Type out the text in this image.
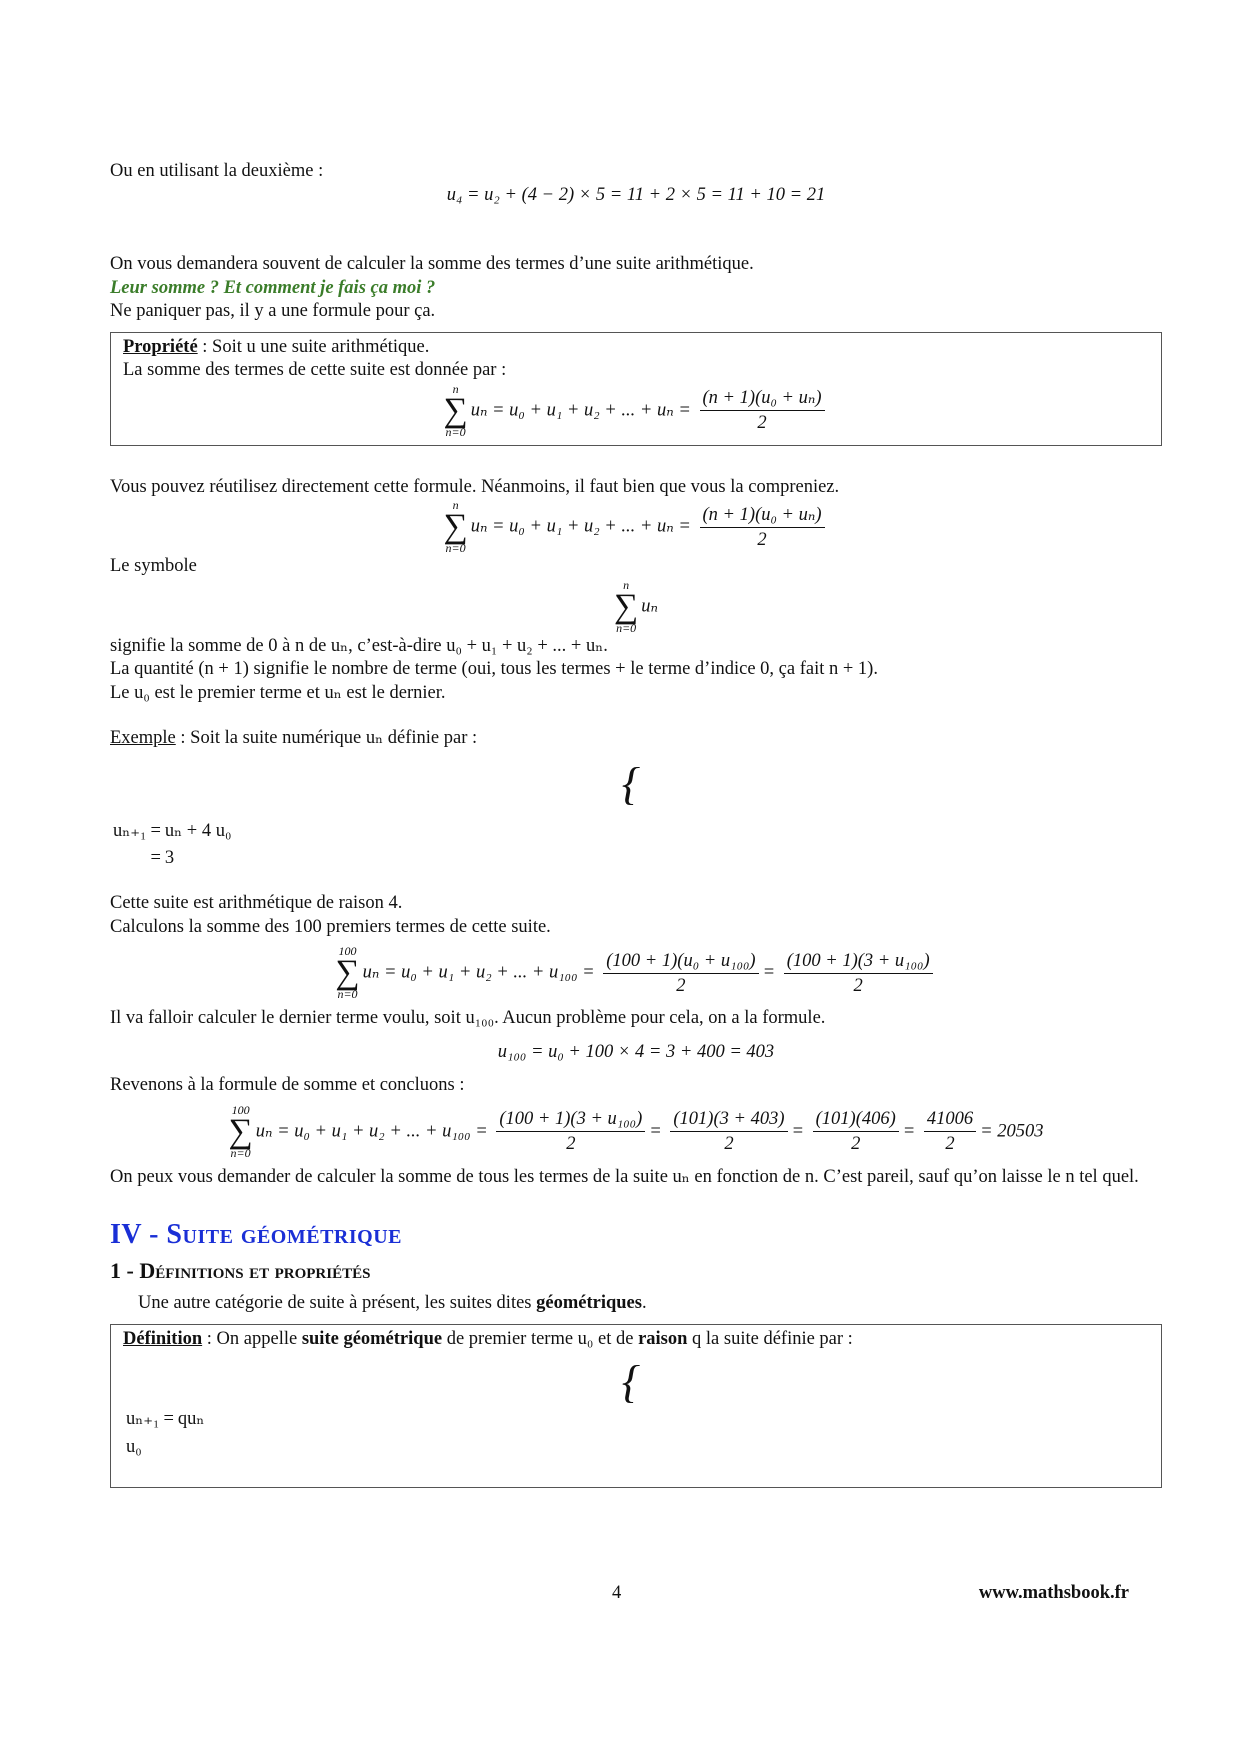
Ou en utilisant la deuxième :

u₄ = u₂ + (4 − 2) × 5 = 11 + 2 × 5 = 11 + 10 = 21

On vous demandera souvent de calculer la somme des termes d’une suite arithmétique.

Leur somme ? Et comment je fais ça moi ?

Ne paniquer pas, il y a une formule pour ça.

Propriété : Soit u une suite arithmétique.

La somme des termes de cette suite est donnée par :

n
∑
n=0
uₙ = u₀ + u₁ + u₂ + ... + $u_n = \frac{\text{(n + 1)(u₀ + uₙ)}}{2}$

Vous pouvez réutilisez directement cette formule. Néanmoins, il faut bien que vous la compreniez.

n
∑
n=0
uₙ = u₀ + u₁ + u₂ + ... + $u_n = \frac{\text{(n + 1)(u₀ + uₙ)}}{2}$

Le symbole

n
∑
n=0
uₙ

signifie la somme de 0 à n de uₙ, c’est-à-dire u₀ + u₁ + u₂ + ... + uₙ.

La quantité (n + 1) signifie le nombre de terme (oui, tous les termes + le terme d’indice 0, ça fait n + 1).

Le u₀ est le premier terme et uₙ est le dernier.

Exemple : Soit la suite numérique uₙ définie par :

{

uₙ₊₁	=	uₙ + 4 u₀
	=	3

Cette suite est arithmétique de raison 4.

Calculons la somme des 100 premiers termes de cette suite.

100
∑
n=0
uₙ = u₀ + u₁ + u₂ + ... + $u_{100} = \frac{\text{(100 + 1)(u₀ + u₁₀₀)}}{2} = \frac{\text{(100 + 1)(3 + u₁₀₀)}}{2}$

Il va falloir calculer le dernier terme voulu, soit u₁₀₀. Aucun problème pour cela, on a la formule.

u₁₀₀ = u₀ + 100 × 4 = 3 + 400 = 403

Revenons à la formule de somme et concluons :

100
∑
n=0
uₙ = u₀ + u₁ + u₂ + ... + $u_{100} = \frac{\text{(100 + 1)(3 + u₁₀₀)}}{2} = \frac{(101)(3 + 403)}{2} = \frac{(101)(406)}{2} = \frac{41006}{2} = 20503$

On peux vous demander de calculer la somme de tous les termes de la suite uₙ en fonction de n. C’est pareil, sauf qu’on laisse le n tel quel.

IV - Suite géométrique
1 - Définitions et propriétés

Une autre catégorie de suite à présent, les suites dites géométriques.

Définition : On appelle suite géométrique de premier terme u₀ et de raison q la suite définie par :

{

uₙ₊₁	=	quₙ
u₀		

4	www.mathsbook.fr
